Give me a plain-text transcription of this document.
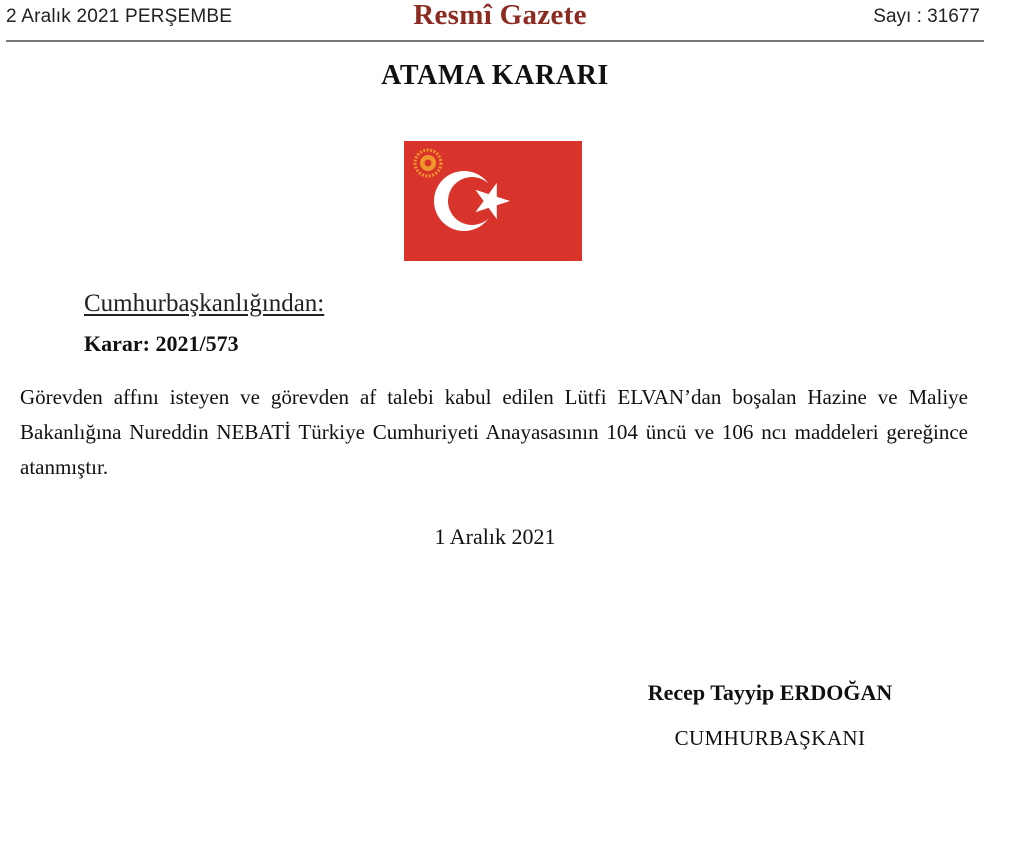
2 Aralık 2021 PERŞEMBE	Resmî Gazete	Sayı : 31677
ATAMA KARARI
Cumhurbaşkanlığından:
Karar: 2021/573
Görevden affını isteyen ve görevden af talebi kabul edilen Lütfi ELVAN’dan boşalan Hazine ve Maliye Bakanlığına Nureddin NEBATİ Türkiye Cumhuriyeti Anayasasının 104 üncü ve 106 ncı maddeleri gereğince atanmıştır.
1 Aralık 2021
Recep Tayyip ERDOĞAN
CUMHURBAŞKANI
